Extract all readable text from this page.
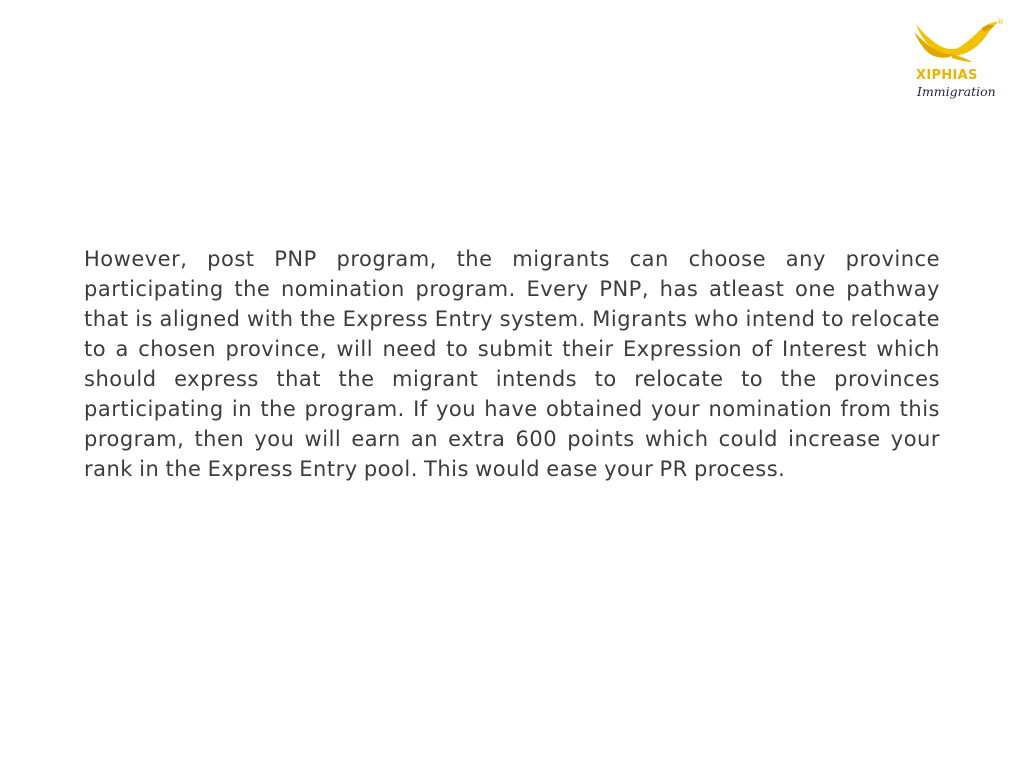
®
XIPHIAS
Immigration

However, post PNP program, the migrants can choose any province participating the nomination program. Every PNP, has atleast one pathway that is aligned with the Express Entry system. Migrants who intend to relocate to a chosen province, will need to submit their Expression of Interest which should express that the migrant intends to relocate to the provinces participating in the program. If you have obtained your nomination from this program, then you will earn an extra 600 points which could increase your rank in the Express Entry pool. This would ease your PR process.
